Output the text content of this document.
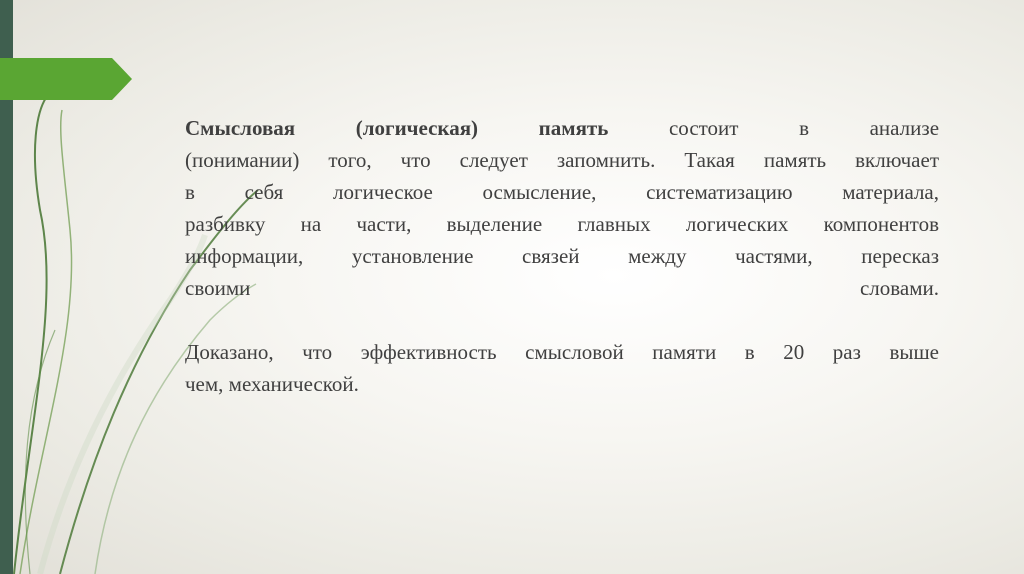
Смысловая (логическая) память	состоит в анализе
(понимании) того, что следует запомнить. Такая память включает
в себя логическое осмысление, систематизацию материала,
разбивку на части, выделение главных логических компонентов
информации, установление связей между частями, пересказ
своими	словами.

Доказано, что эффективность смысловой памяти в 20 раз выше
чем, механической.
